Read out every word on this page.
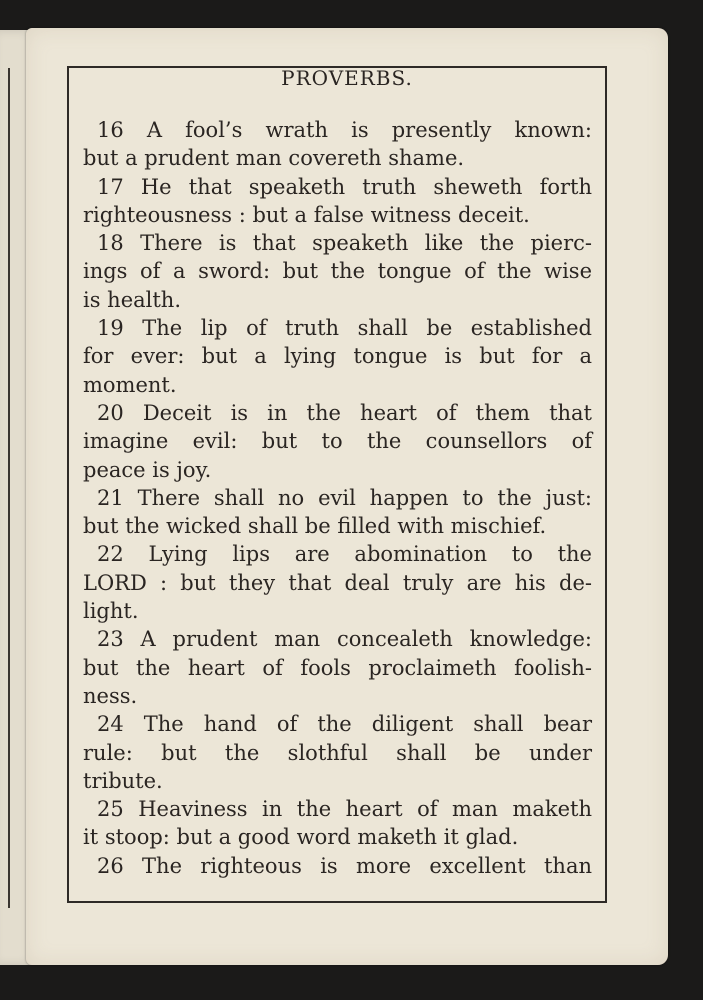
PROVERBS.
16 A fool’s wrath is presently known:
but a prudent man covereth shame.
17 He that speaketh truth sheweth forth
righteousness : but a false witness deceit.
18 There is that speaketh like the pierc-
ings of a sword: but the tongue of the wise
is health.
19 The lip of truth shall be established
for ever: but a lying tongue is but for a
moment.
20 Deceit is in the heart of them that
imagine evil: but to the counsellors of
peace is joy.
21 There shall no evil happen to the just:
but the wicked shall be filled with mischief.
22 Lying lips are abomination to the
LORD : but they that deal truly are his de-
light.
23 A prudent man concealeth knowledge:
but the heart of fools proclaimeth foolish-
ness.
24 The hand of the diligent shall bear
rule: but the slothful shall be under
tribute.
25 Heaviness in the heart of man maketh
it stoop: but a good word maketh it glad.
26 The righteous is more excellent than
